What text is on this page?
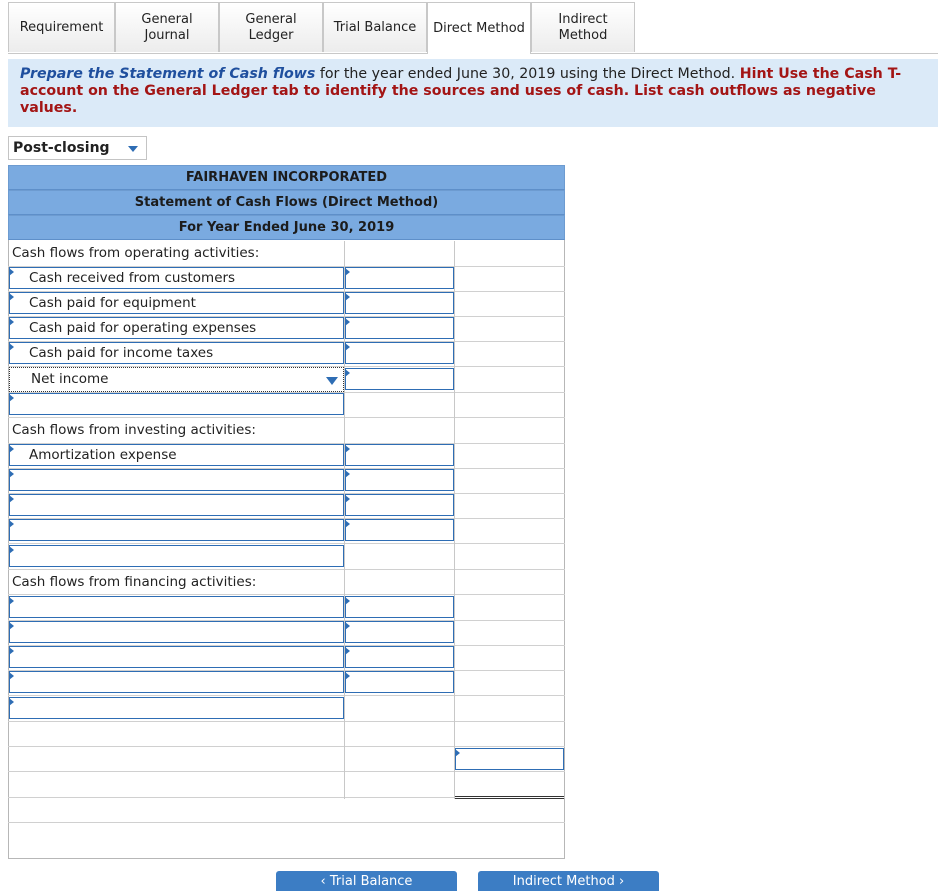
Requirement
General
Journal
General
Ledger
Trial Balance Direct Method
Indirect
Method
Prepare the Statement of Cash flows for the year ended June 30, 2019 using the Direct Method. Hint Use the Cash T-account on the General Ledger tab to identify the sources and uses of cash. List cash outflows as negative values.
Post-closing
FAIRHAVEN INCORPORATED
Statement of Cash Flows (Direct Method)
For Year Ended June 30, 2019
Cash flows from operating activities:
Cash received from customers
Cash paid for equipment
Cash paid for operating expenses
Cash paid for income taxes
Net income
Cash flows from investing activities:
Amortization expense
Cash flows from financing activities:
‹ Trial Balance	Indirect Method ›
